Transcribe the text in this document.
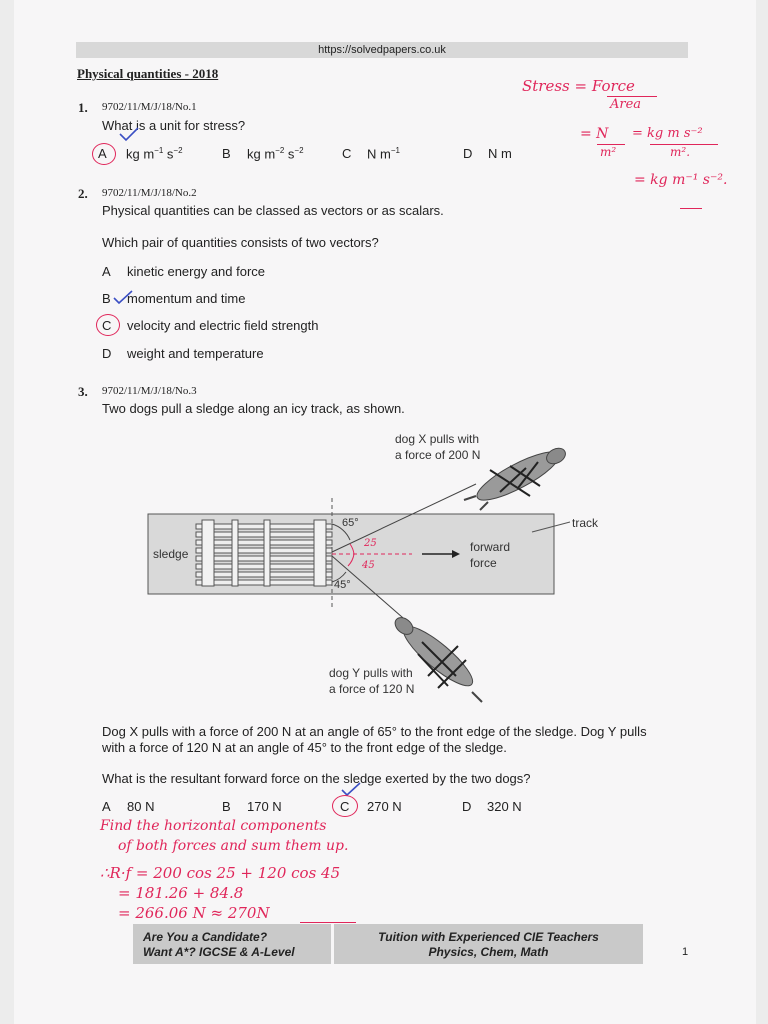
https://solvedpapers.co.uk
Physical quantities - 2018
Stress = Force
Area
= N
m²
= kg m s⁻²
m².
= kg m⁻¹ s⁻².
1. 9702/11/M/J/18/No.1
What is a unit for stress?
A kg $m^{-1}$ $s^{-2}$	B kg $m^{-2}$ $s^{-2}$	C N $m^{-1}$	D N m
2. 9702/11/M/J/18/No.2
Physical quantities can be classed as vectors or as scalars.
Which pair of quantities consists of two vectors?
A kinetic energy and force
B momentum and time
C velocity and electric field strength
D weight and temperature
3. 9702/11/M/J/18/No.3
Two dogs pull a sledge along an icy track, as shown.
dog X pulls with
a force of 200 N
track
sledge	forward
force
65°
45°
25
45
dog Y pulls with
a force of 120 N
Dog X pulls with a force of 200 N at an angle of 65° to the front edge of the sledge. Dog Y pulls
with a force of 120 N at an angle of 45° to the front edge of the sledge.
What is the resultant forward force on the sledge exerted by the two dogs?
A 80 N	B 170 N	C 270 N	D 320 N
Find the horizontal components
of both forces and sum them up.
∴R·f = 200 cos 25 + 120 cos 45
= 181.26 + 84.8
= 266.06 N ≈ 270N
Are You a Candidate?
Want A*? IGCSE & A-Level
Tuition with Experienced CIE Teachers
Physics, Chem, Math	1
